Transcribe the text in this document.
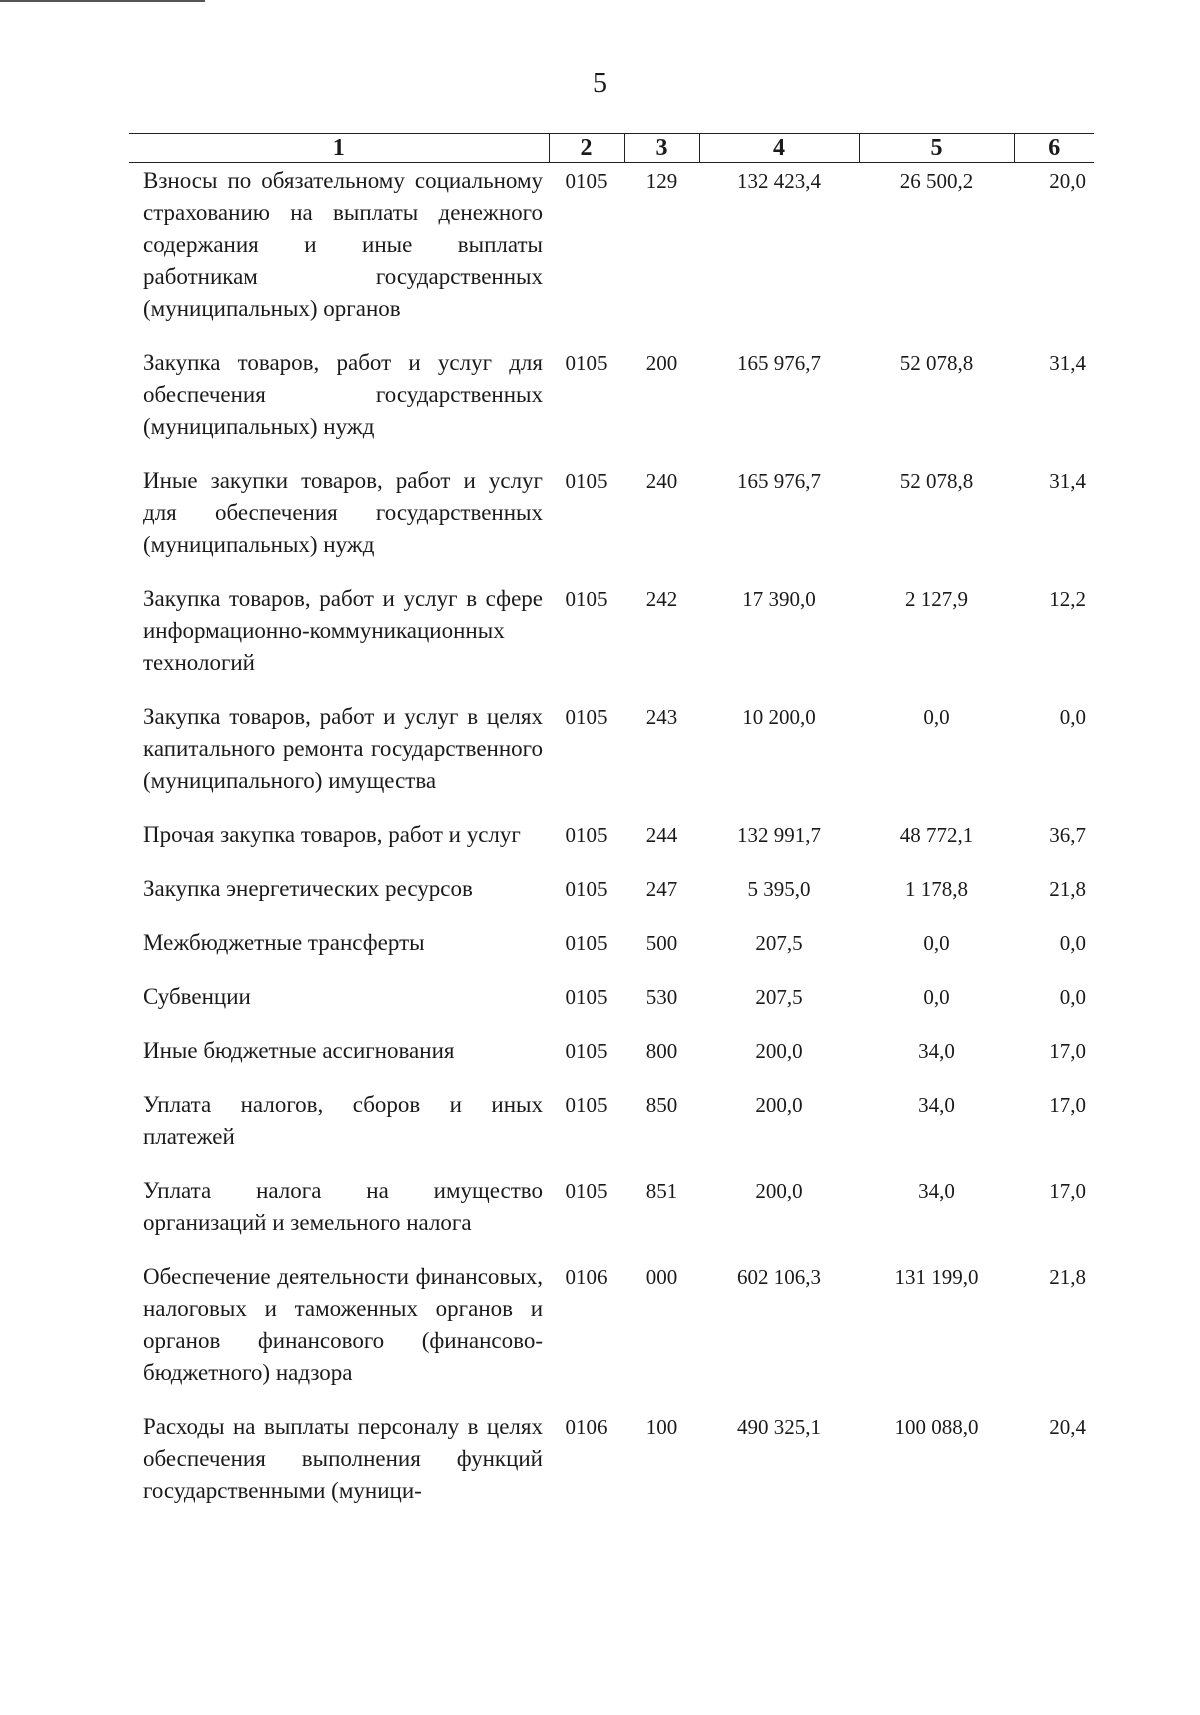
5
1	2	3	4	5	6
Взносы по обязательному социальному страхованию на выплаты денежного содержания и иные выплаты работникам государственных (муниципальных) органов	0105	129	132 423,4	26 500,2	20,0
Закупка товаров, работ и услуг для обеспечения государственных (муниципальных) нужд	0105	200	165 976,7	52 078,8	31,4
Иные закупки товаров, работ и услуг для обеспечения государственных (муниципальных) нужд	0105	240	165 976,7	52 078,8	31,4
Закупка товаров, работ и услуг в сфере информационно-коммуникационных технологий	0105	242	17 390,0	2 127,9	12,2
Закупка товаров, работ и услуг в целях капитального ремонта государственного (муниципального) имущества	0105	243	10 200,0	0,0	0,0
Прочая закупка товаров, работ и услуг	0105	244	132 991,7	48 772,1	36,7
Закупка энергетических ресурсов	0105	247	5 395,0	1 178,8	21,8
Межбюджетные трансферты	0105	500	207,5	0,0	0,0
Субвенции	0105	530	207,5	0,0	0,0
Иные бюджетные ассигнования	0105	800	200,0	34,0	17,0
Уплата налогов, сборов и иных платежей	0105	850	200,0	34,0	17,0
Уплата налога на имущество организаций и земельного налога	0105	851	200,0	34,0	17,0
Обеспечение деятельности финансовых, налоговых и таможенных органов и органов финансового (финансово-бюджетного) надзора	0106	000	602 106,3	131 199,0	21,8
Расходы на выплаты персоналу в целях обеспечения выполнения функций государственными (муници-	0106	100	490 325,1	100 088,0	20,4
